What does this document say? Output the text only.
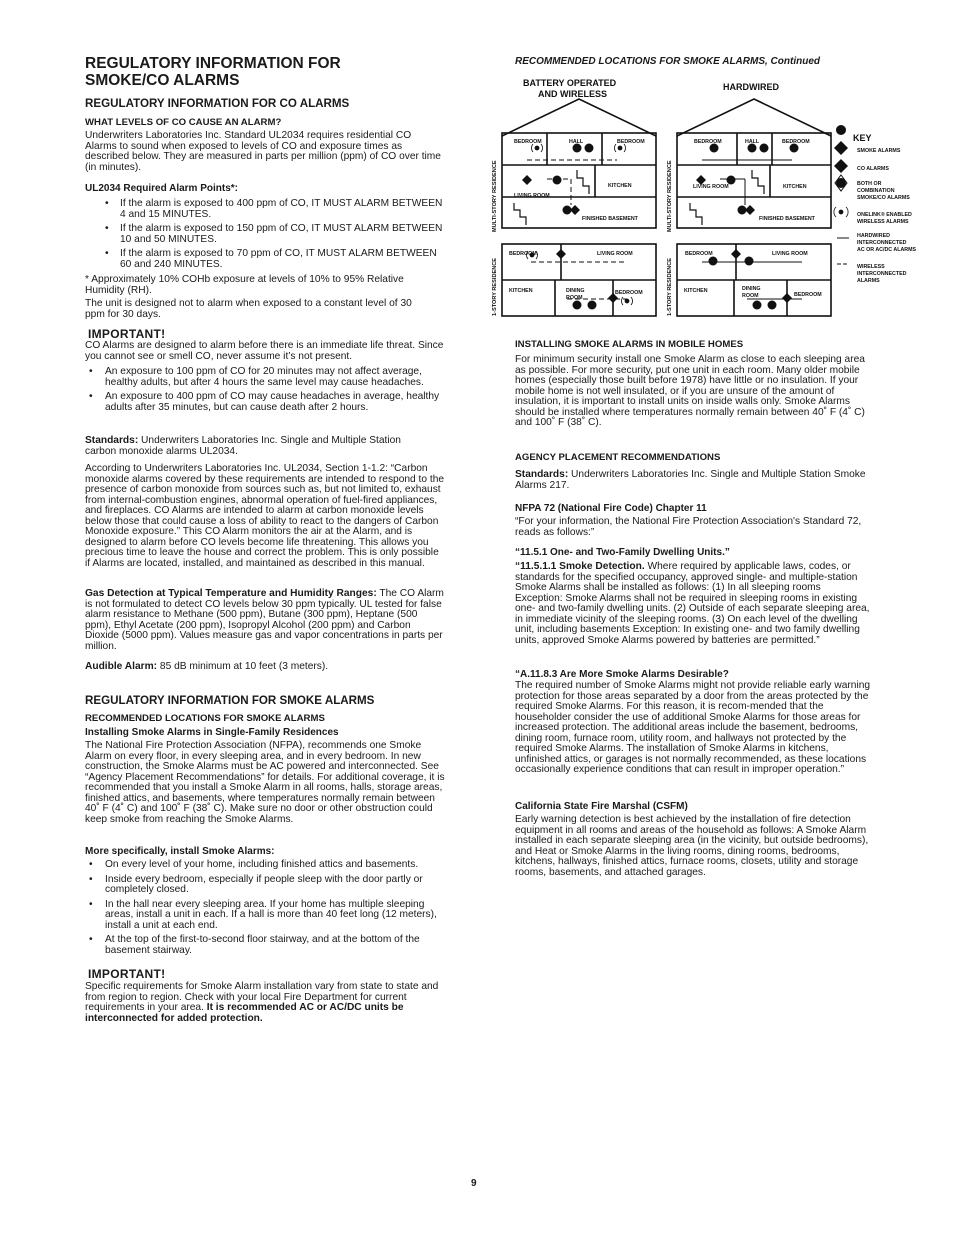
REGULATORY INFORMATION FOR
SMOKE/CO ALARMS
REGULATORY INFORMATION FOR CO ALARMS
WHAT LEVELS OF CO CAUSE AN ALARM?

Underwriters Laboratories Inc. Standard UL2034 requires residential CO Alarms to sound when exposed to levels of CO and exposure times as described below. They are measured in parts per million (ppm) of CO over time (in minutes).

UL2034 Required Alarm Points*:
• If the alarm is exposed to 400 ppm of CO, IT MUST ALARM BETWEEN 4 and 15 MINUTES.
• If the alarm is exposed to 150 ppm of CO, IT MUST ALARM BETWEEN 10 and 50 MINUTES.
• If the alarm is exposed to 70 ppm of CO, IT MUST ALARM BETWEEN 60 and 240 MINUTES.

* Approximately 10% COHb exposure at levels of 10% to 95% Relative Humidity (RH).

The unit is designed not to alarm when exposed to a constant level of 30 ppm for 30 days.

IMPORTANT!

CO Alarms are designed to alarm before there is an immediate life threat. Since you cannot see or smell CO, never assume it’s not present.

• An exposure to 100 ppm of CO for 20 minutes may not affect average, healthy adults, but after 4 hours the same level may cause headaches.
• An exposure to 400 ppm of CO may cause headaches in average, healthy adults after 35 minutes, but can cause death after 2 hours.

Standards: Underwriters Laboratories Inc. Single and Multiple Station carbon monoxide alarms UL2034.

According to Underwriters Laboratories Inc. UL2034, Section 1-1.2: “Carbon monoxide alarms covered by these requirements are intended to respond to the presence of carbon monoxide from sources such as, but not limited to, exhaust from internal-combustion engines, abnormal operation of fuel-fired appliances, and fireplaces. CO Alarms are intended to alarm at carbon monoxide levels below those that could cause a loss of ability to react to the dangers of Carbon Monoxide exposure.” This CO Alarm monitors the air at the Alarm, and is designed to alarm before CO levels become life threatening. This allows you precious time to leave the house and correct the problem. This is only possible if Alarms are located, installed, and maintained as described in this manual.

Gas Detection at Typical Temperature and Humidity Ranges: The CO Alarm is not formulated to detect CO levels below 30 ppm typically. UL tested for false alarm resistance to Methane (500 ppm), Butane (300 ppm), Heptane (500 ppm), Ethyl Acetate (200 ppm), Isopropyl Alcohol (200 ppm) and Carbon Dioxide (5000 ppm). Values measure gas and vapor concentrations in parts per million.

Audible Alarm: 85 dB minimum at 10 feet (3 meters).

REGULATORY INFORMATION FOR SMOKE ALARMS
RECOMMENDED LOCATIONS FOR SMOKE ALARMS
Installing Smoke Alarms in Single-Family Residences

The National Fire Protection Association (NFPA), recommends one Smoke Alarm on every floor, in every sleeping area, and in every bedroom. In new construction, the Smoke Alarms must be AC powered and interconnected. See “Agency Placement Recommendations” for details. For additional coverage, it is recommended that you install a Smoke Alarm in all rooms, halls, storage areas, finished attics, and basements, where temperatures normally remain between 40˚ F (4˚ C) and 100˚ F (38˚ C). Make sure no door or other obstruction could keep smoke from reaching the Smoke Alarms.

More specifically, install Smoke Alarms:
• On every level of your home, including finished attics and basements.
• Inside every bedroom, especially if people sleep with the door partly or completely closed.
• In the hall near every sleeping area. If your home has multiple sleeping areas, install a unit in each. If a hall is more than 40 feet long (12 meters), install a unit at each end.
• At the top of the first-to-second floor stairway, and at the bottom of the basement stairway.
IMPORTANT!

Specific requirements for Smoke Alarm installation vary from state to state and from region to region. Check with your local Fire Department for current requirements in your area. It is recommended AC or AC/DC units be interconnected for added protection.

RECOMMENDED LOCATIONS FOR SMOKE ALARMS, Continued
INSTALLING SMOKE ALARMS IN MOBILE HOMES

For minimum security install one Smoke Alarm as close to each sleeping area as possible. For more security, put one unit in each room. Many older mobile homes (especially those built before 1978) have little or no insulation. If your mobile home is not well insulated, or if you are unsure of the amount of insulation, it is important to install units on inside walls only. Smoke Alarms should be installed where temperatures normally remain between 40˚ F (4˚ C) and 100˚ F (38˚ C).

AGENCY PLACEMENT RECOMMENDATIONS

Standards: Underwriters Laboratories Inc. Single and Multiple Station Smoke Alarms 217.

NFPA 72 (National Fire Code) Chapter 11

“For your information, the National Fire Protection Association's Standard 72, reads as follows:”

“11.5.1 One- and Two-Family Dwelling Units.”

“11.5.1.1 Smoke Detection. Where required by applicable laws, codes, or standards for the specified occupancy, approved single- and multiple-station Smoke Alarms shall be installed as follows: (1) In all sleeping rooms Exception: Smoke Alarms shall not be required in sleeping rooms in existing one- and two-family dwelling units. (2) Outside of each separate sleeping area, in immediate vicinity of the sleeping rooms. (3) On each level of the dwelling unit, including basements Exception: In existing one- and two family dwelling units, approved Smoke Alarms powered by batteries are permitted.”

“A.11.8.3 Are More Smoke Alarms Desirable?

The required number of Smoke Alarms might not provide reliable early warning protection for those areas separated by a door from the areas protected by the required Smoke Alarms. For this reason, it is recom-mended that the householder consider the use of additional Smoke Alarms for those areas for increased protection. The additional areas include the basement, bedrooms, dining room, furnace room, utility room, and hallways not protected by the required Smoke Alarms. The installation of Smoke Alarms in kitchens, unfinished attics, or garages is not normally recommended, as these locations occasionally experience conditions that can result in improper operation.”

California State Fire Marshal (CSFM)

Early warning detection is best achieved by the installation of fire detection equipment in all rooms and areas of the household as follows: A Smoke Alarm installed in each separate sleeping area (in the vicinity, but outside bedrooms), and Heat or Smoke Alarms in the living rooms, dining rooms, bedrooms, kitchens, hallways, finished attics, furnace rooms, closets, utility and storage rooms, basements, and attached garages.

BATTERY OPERATED
AND WIRELESS
HARDWIRED
KEY
BEDROOM	HALL	BEDROOM
LIVING ROOM
KITCHEN
FINISHED BASEMENT
BEDROOM	HALL	BEDROOM
LIVING ROOM	KITCHEN
FINISHED BASEMENT
BEDROOM	LIVING ROOM
KITCHEN	DINING
ROOM
BEDROOM
BEDROOM	LIVING ROOM
KITCHEN	DINING
ROOM	BEDROOM
SMOKE ALARMS
CO ALARMS
BOTH OR
COMBINATION
SMOKE/CO ALARMS
ONELINK® ENABLED
WIRELESS ALARMS
HARDWIRED
INTERCONNECTED
AC OR AC/DC ALARMS
WIRELESS
INTERCONNECTED
ALARMS
MULTI-STORY RESIDENCE	MULTI-STORY RESIDENCE
1-STORY RESIDENCE	1-STORY RESIDENCE
9
